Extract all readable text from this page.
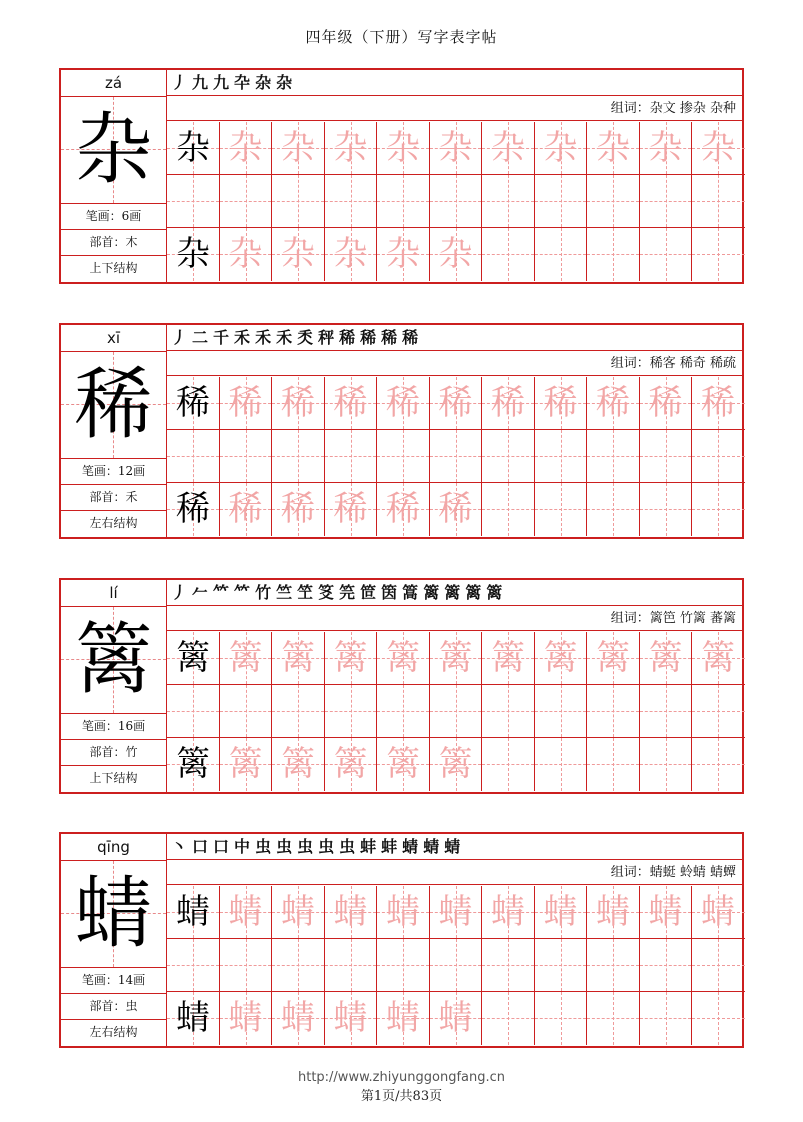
四年级（下册）写字表字帖
zá
杂
笔画：6画
部首：木
上下结构
丿 九 九 卆 杂 杂
组词：杂文 掺杂 杂种
杂 杂 杂 杂 杂 杂 杂 杂 杂 杂 杂
杂 杂 杂 杂 杂 杂
xī
稀
笔画：12画
部首：禾
左右结构
丿 二 千 禾 禾 禾 秂 秤 稀 稀 稀 稀
组词：稀客 稀奇 稀疏
稀 稀 稀 稀 稀 稀 稀 稀 稀 稀 稀
稀 稀 稀 稀 稀 稀
lí
篱
笔画：16画
部首：竹
上下结构
丿 𠂉 𥫗 𥫗 竹 竺 笁 笅 笎 笸 筃 篙 篱 篱 篱 篱
组词：篱笆 竹篱 蕃篱
篱 篱 篱 篱 篱 篱 篱 篱 篱 篱 篱
篱 篱 篱 篱 篱 篱
qīng
蜻
笔画：14画
部首：虫
左右结构
丶 口 口 中 虫 虫 虫 虫 虫 蚌 蚌 蜻 蜻 蜻
组词：蜻蜓 蛉蜻 蜻蟫
蜻 蜻 蜻 蜻 蜻 蜻 蜻 蜻 蜻 蜻 蜻
蜻 蜻 蜻 蜻 蜻 蜻
http://www.zhiyunggongfang.cn
第1页/共83页
